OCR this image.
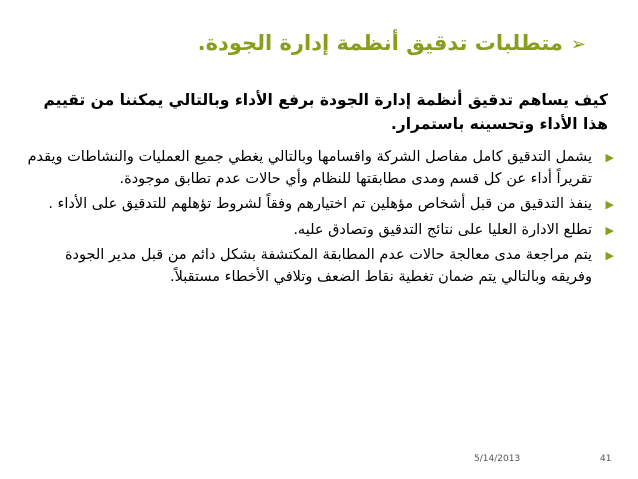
➢متطلبات تدقيق أنظمة إدارة الجودة.
كيف يساهم تدقيق أنظمة إدارة الجودة برفع الأداء وبالتالي يمكننا من تقييم هذا الأداء وتحسينه باستمرار.
▶
يشمل التدقيق كامل مفاصل الشركة واقسامها وبالتالي يغطي جميع العمليات والنشاطات ويقدم تقريراً أداء عن كل قسم ومدى مطابقتها للنظام وأي حالات عدم تطابق موجودة.
▶
ينفذ التدقيق من قبل أشخاص مؤهلين تم اختيارهم وفقاً لشروط تؤهلهم للتدقيق على الأداء .
▶
تطلع الادارة العليا على نتائج التدقيق وتصادق عليه.
▶
يتم مراجعة مدى معالجة حالات عدم المطابقة المكتشفة بشكل دائم من قبل مدير الجودة وفريقه وبالتالي يتم ضمان تغطية نقاط الضعف وتلافي الأخطاء مستقبلاً.
5/14/2013	41
